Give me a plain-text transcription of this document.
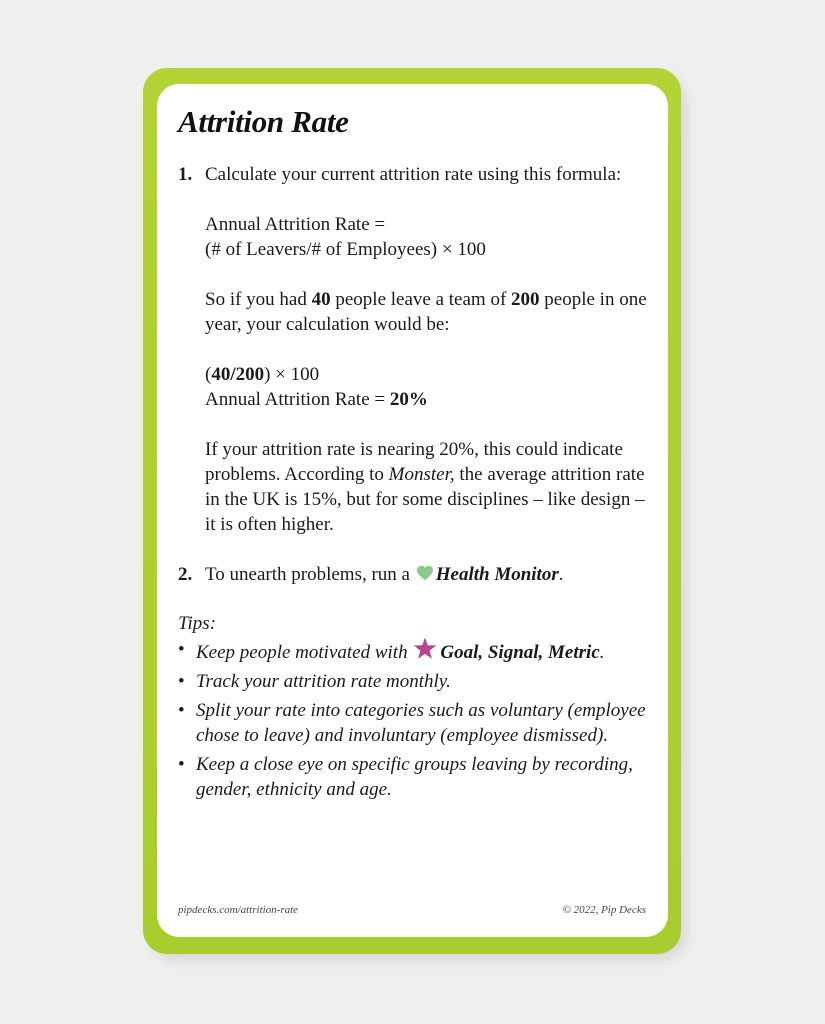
Attrition Rate
1. Calculate your current attrition rate using this formula:

Annual Attrition Rate =
(# of Leavers/# of Employees) × 100

So if you had 40 people leave a team of 200 people in one year, your calculation would be:

(40/200) × 100
Annual Attrition Rate = 20%

If your attrition rate is nearing 20%, this could indicate problems. According to Monster, the average attrition rate in the UK is 15%, but for some disciplines – like design – it is often higher.

2. To unearth problems, run a Health Monitor.

Tips:

• Keep people motivated with Goal, Signal, Metric.
• Track your attrition rate monthly.
• Split your rate into categories such as voluntary (employee chose to leave) and involuntary (employee dismissed).
• Keep a close eye on specific groups leaving by recording, gender, ethnicity and age.
pipdecks.com/attrition-rate	© 2022, Pip Decks
